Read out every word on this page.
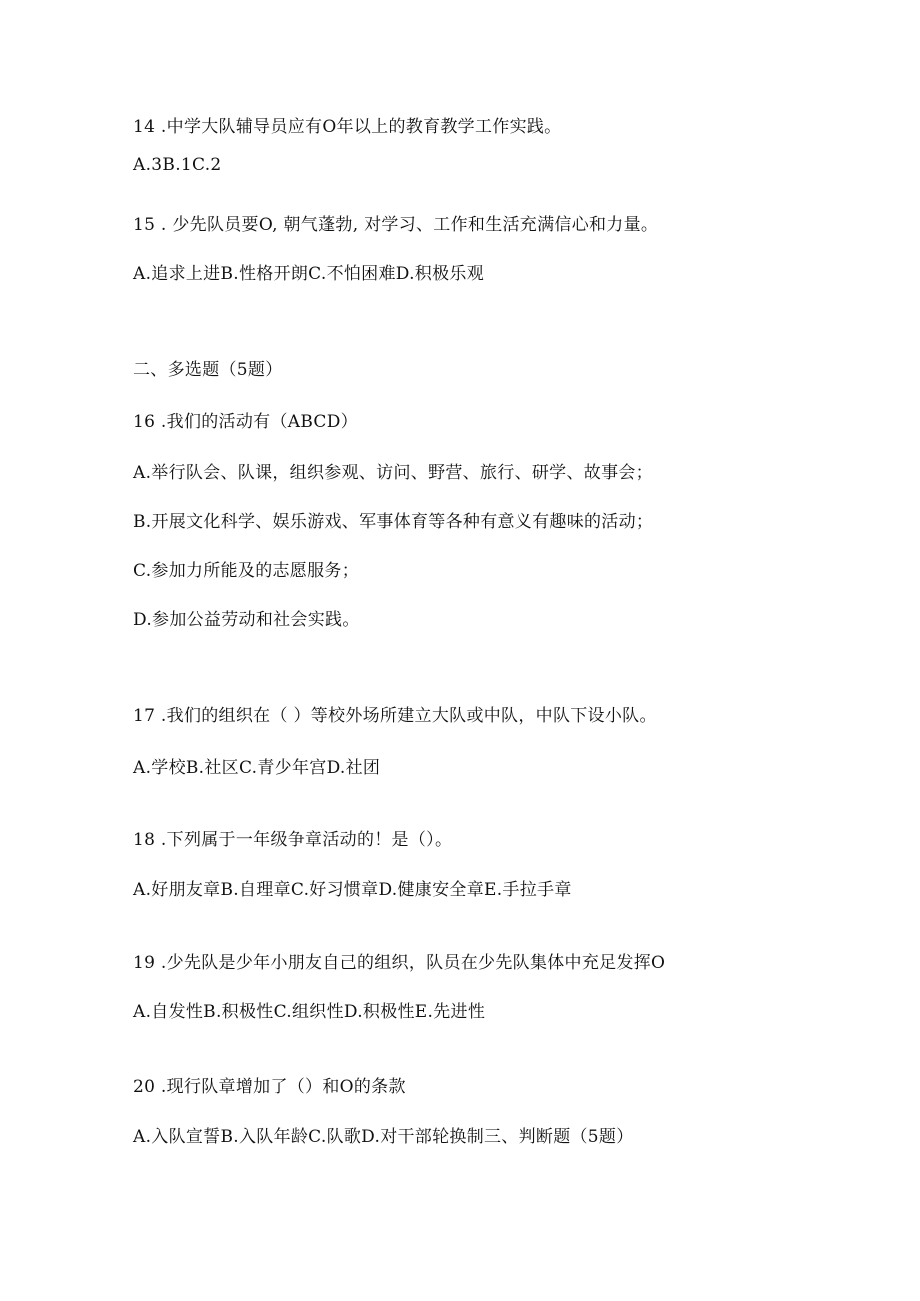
14 .中学大队辅导员应有O年以上的教育教学工作实践。
A.3B.1C.2
15 . 少先队员要O, 朝气蓬勃, 对学习、工作和生活充满信心和力量。
A.追求上进B.性格开朗C.不怕困难D.积极乐观
二、多选题（5题）
16 .我们的活动有（ABCD）
A.举行队会、队课，组织参观、访问、野营、旅行、研学、故事会；
B.开展文化科学、娱乐游戏、军事体育等各种有意义有趣味的活动；
C.参加力所能及的志愿服务；
D.参加公益劳动和社会实践。
17 .我们的组织在（ ）等校外场所建立大队或中队，中队下设小队。
A.学校B.社区C.青少年宫D.社团
18 .下列属于一年级争章活动的！是（）。
A.好朋友章B.自理章C.好习惯章D.健康安全章E.手拉手章
19 .少先队是少年小朋友自己的组织，队员在少先队集体中充足发挥O
A.自发性B.积极性C.组织性D.积极性E.先进性
20 .现行队章增加了（）和O的条款
A.入队宣誓B.入队年龄C.队歌D.对干部轮换制三、判断题（5题）
